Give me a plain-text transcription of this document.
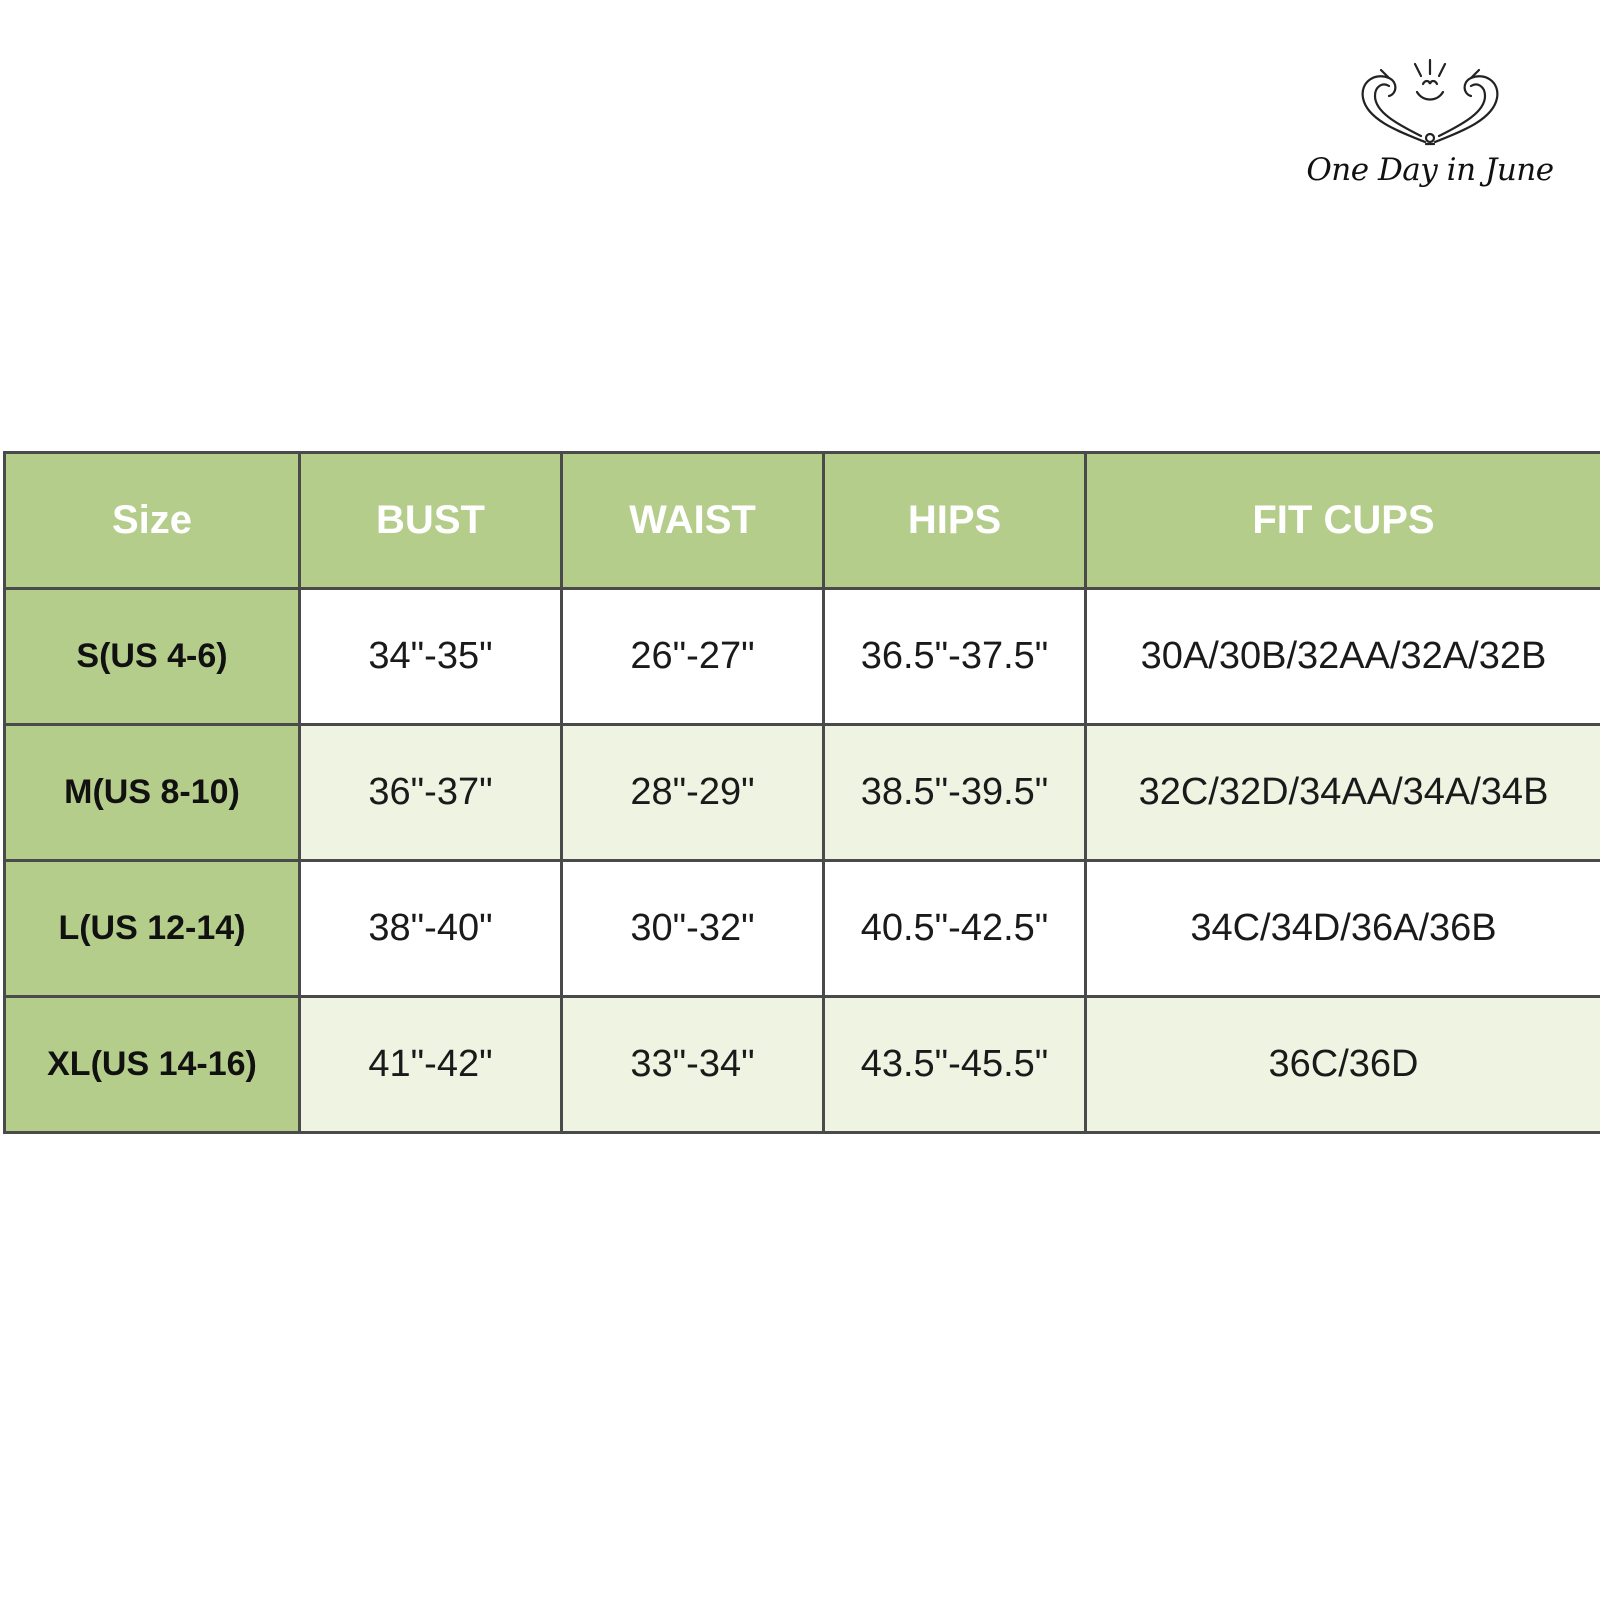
One Day in June
Size	BUST	WAIST	HIPS	FIT CUPS
S(US 4-6)	34"-35"	26"-27"	36.5"-37.5"	30A/30B/32AA/32A/32B
M(US 8-10)	36"-37"	28"-29"	38.5"-39.5"	32C/32D/34AA/34A/34B
L(US 12-14)	38"-40"	30"-32"	40.5"-42.5"	34C/34D/36A/36B
XL(US 14-16)	41"-42"	33"-34"	43.5"-45.5"	36C/36D
